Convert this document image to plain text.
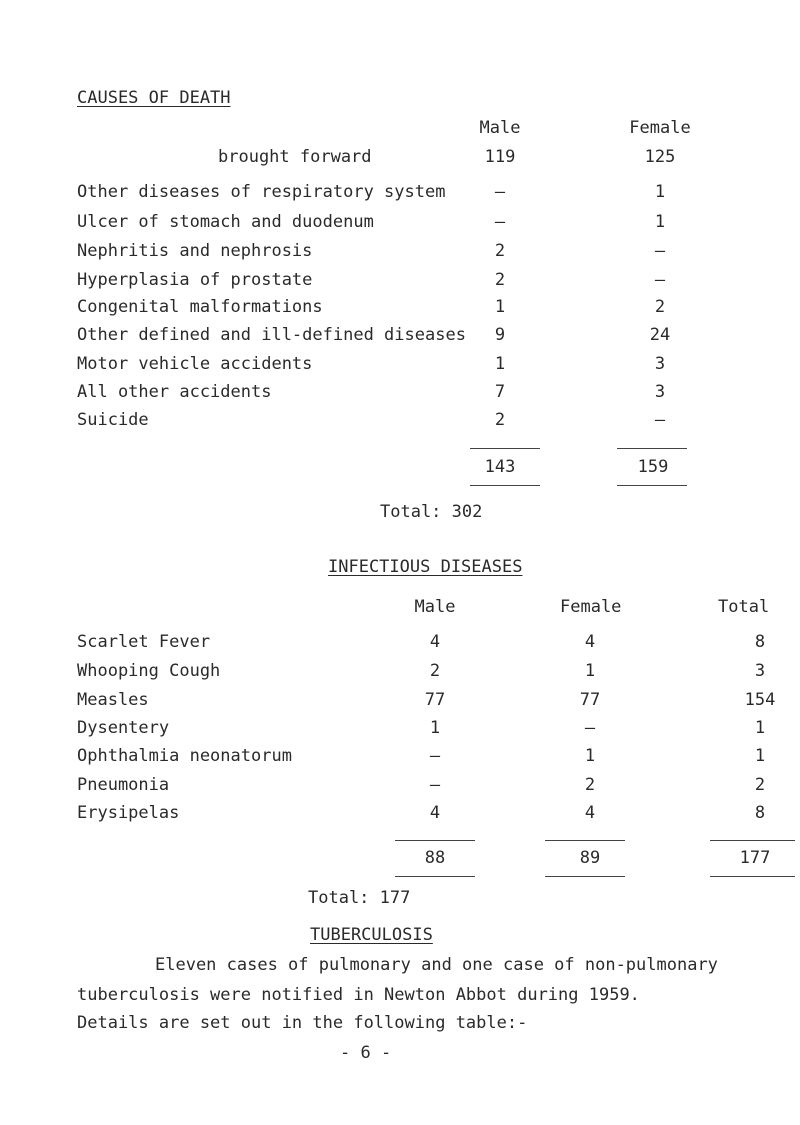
CAUSES OF DEATH
Male	Female
brought forward	119	125
Other diseases of respiratory system	–	1
Ulcer of stomach and duodenum	–	1
Nephritis and nephrosis	2	–
Hyperplasia of prostate	2	–
Congenital malformations	1	2
Other defined and ill-defined diseases	9	24
Motor vehicle accidents	1	3
All other accidents	7	3
Suicide	2	–
143	159
Total: 302
INFECTIOUS DISEASES
Male	Female	Total
Scarlet Fever	4	4	8
Whooping Cough	2	1	3
Measles	77	77	154
Dysentery	1	–	1
Ophthalmia neonatorum	–	1	1
Pneumonia	–	2	2
Erysipelas	4	4	8
88	89	177
Total: 177
TUBERCULOSIS
Eleven cases of pulmonary and one case of non-pulmonary
tuberculosis were notified in Newton Abbot during 1959.
Details are set out in the following table:-
- 6 -
